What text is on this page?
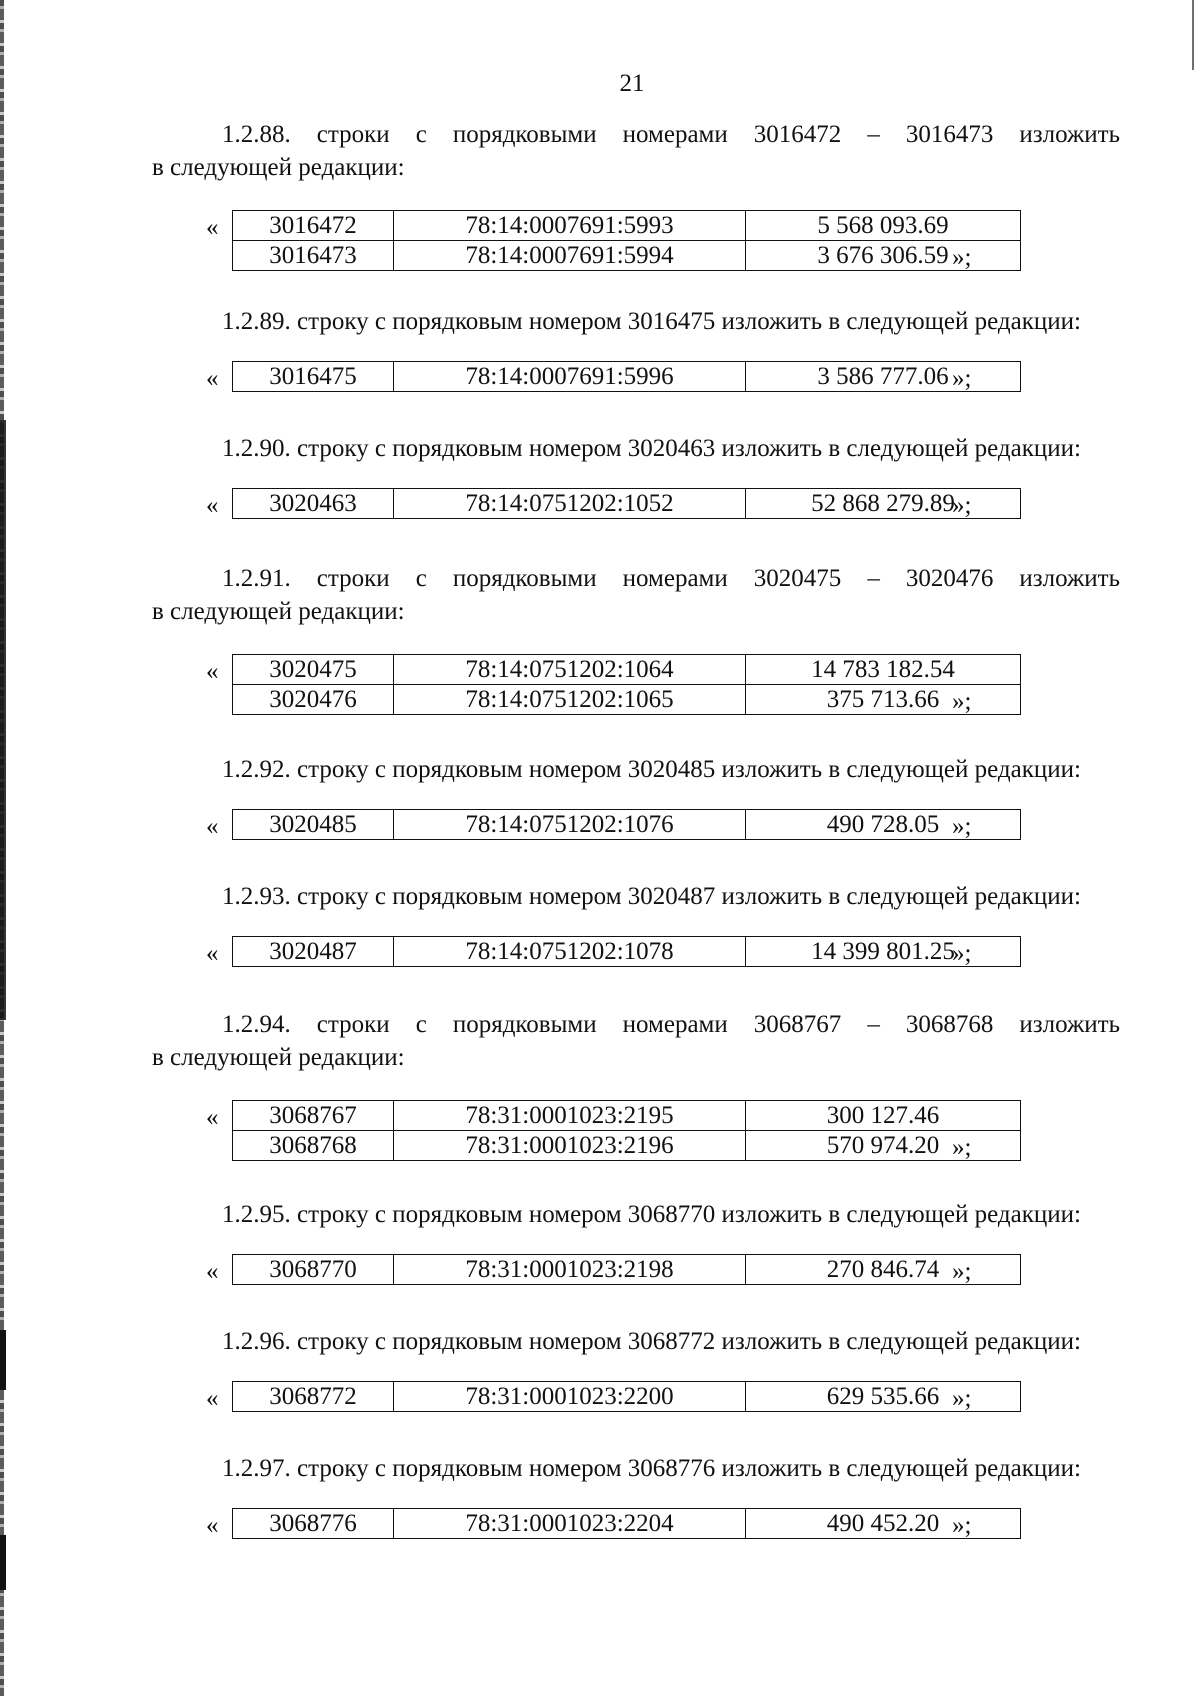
21

1.2.88. строки с порядковыми номерами 3016472 – 3016473 изложить
в следующей редакции:

« 3016472	78:14:0007691:5993	5 568 093.69
3016473	78:14:0007691:5994	3 676 306.59 »;

1.2.89. строку с порядковым номером 3016475 изложить в следующей редакции:

« 3016475	78:14:0007691:5996	3 586 777.06 »;

1.2.90. строку с порядковым номером 3020463 изложить в следующей редакции:

« 3020463	78:14:0751202:1052	52 868 279.89
»;

1.2.91. строки с порядковыми номерами 3020475 – 3020476 изложить
в следующей редакции:

« 3020475	78:14:0751202:1064	14 783 182.54
3020476	78:14:0751202:1065	375 713.66 »;

1.2.92. строку с порядковым номером 3020485 изложить в следующей редакции:

« 3020485	78:14:0751202:1076	490 728.05 »;

1.2.93. строку с порядковым номером 3020487 изложить в следующей редакции:

« 3020487	78:14:0751202:1078	14 399 801.25
»;

1.2.94. строки с порядковыми номерами 3068767 – 3068768 изложить
в следующей редакции:

« 3068767	78:31:0001023:2195	300 127.46
3068768	78:31:0001023:2196	570 974.20 »;

1.2.95. строку с порядковым номером 3068770 изложить в следующей редакции:

« 3068770	78:31:0001023:2198	270 846.74 »;

1.2.96. строку с порядковым номером 3068772 изложить в следующей редакции:

« 3068772	78:31:0001023:2200	629 535.66 »;

1.2.97. строку с порядковым номером 3068776 изложить в следующей редакции:

« 3068776	78:31:0001023:2204	490 452.20 »;
